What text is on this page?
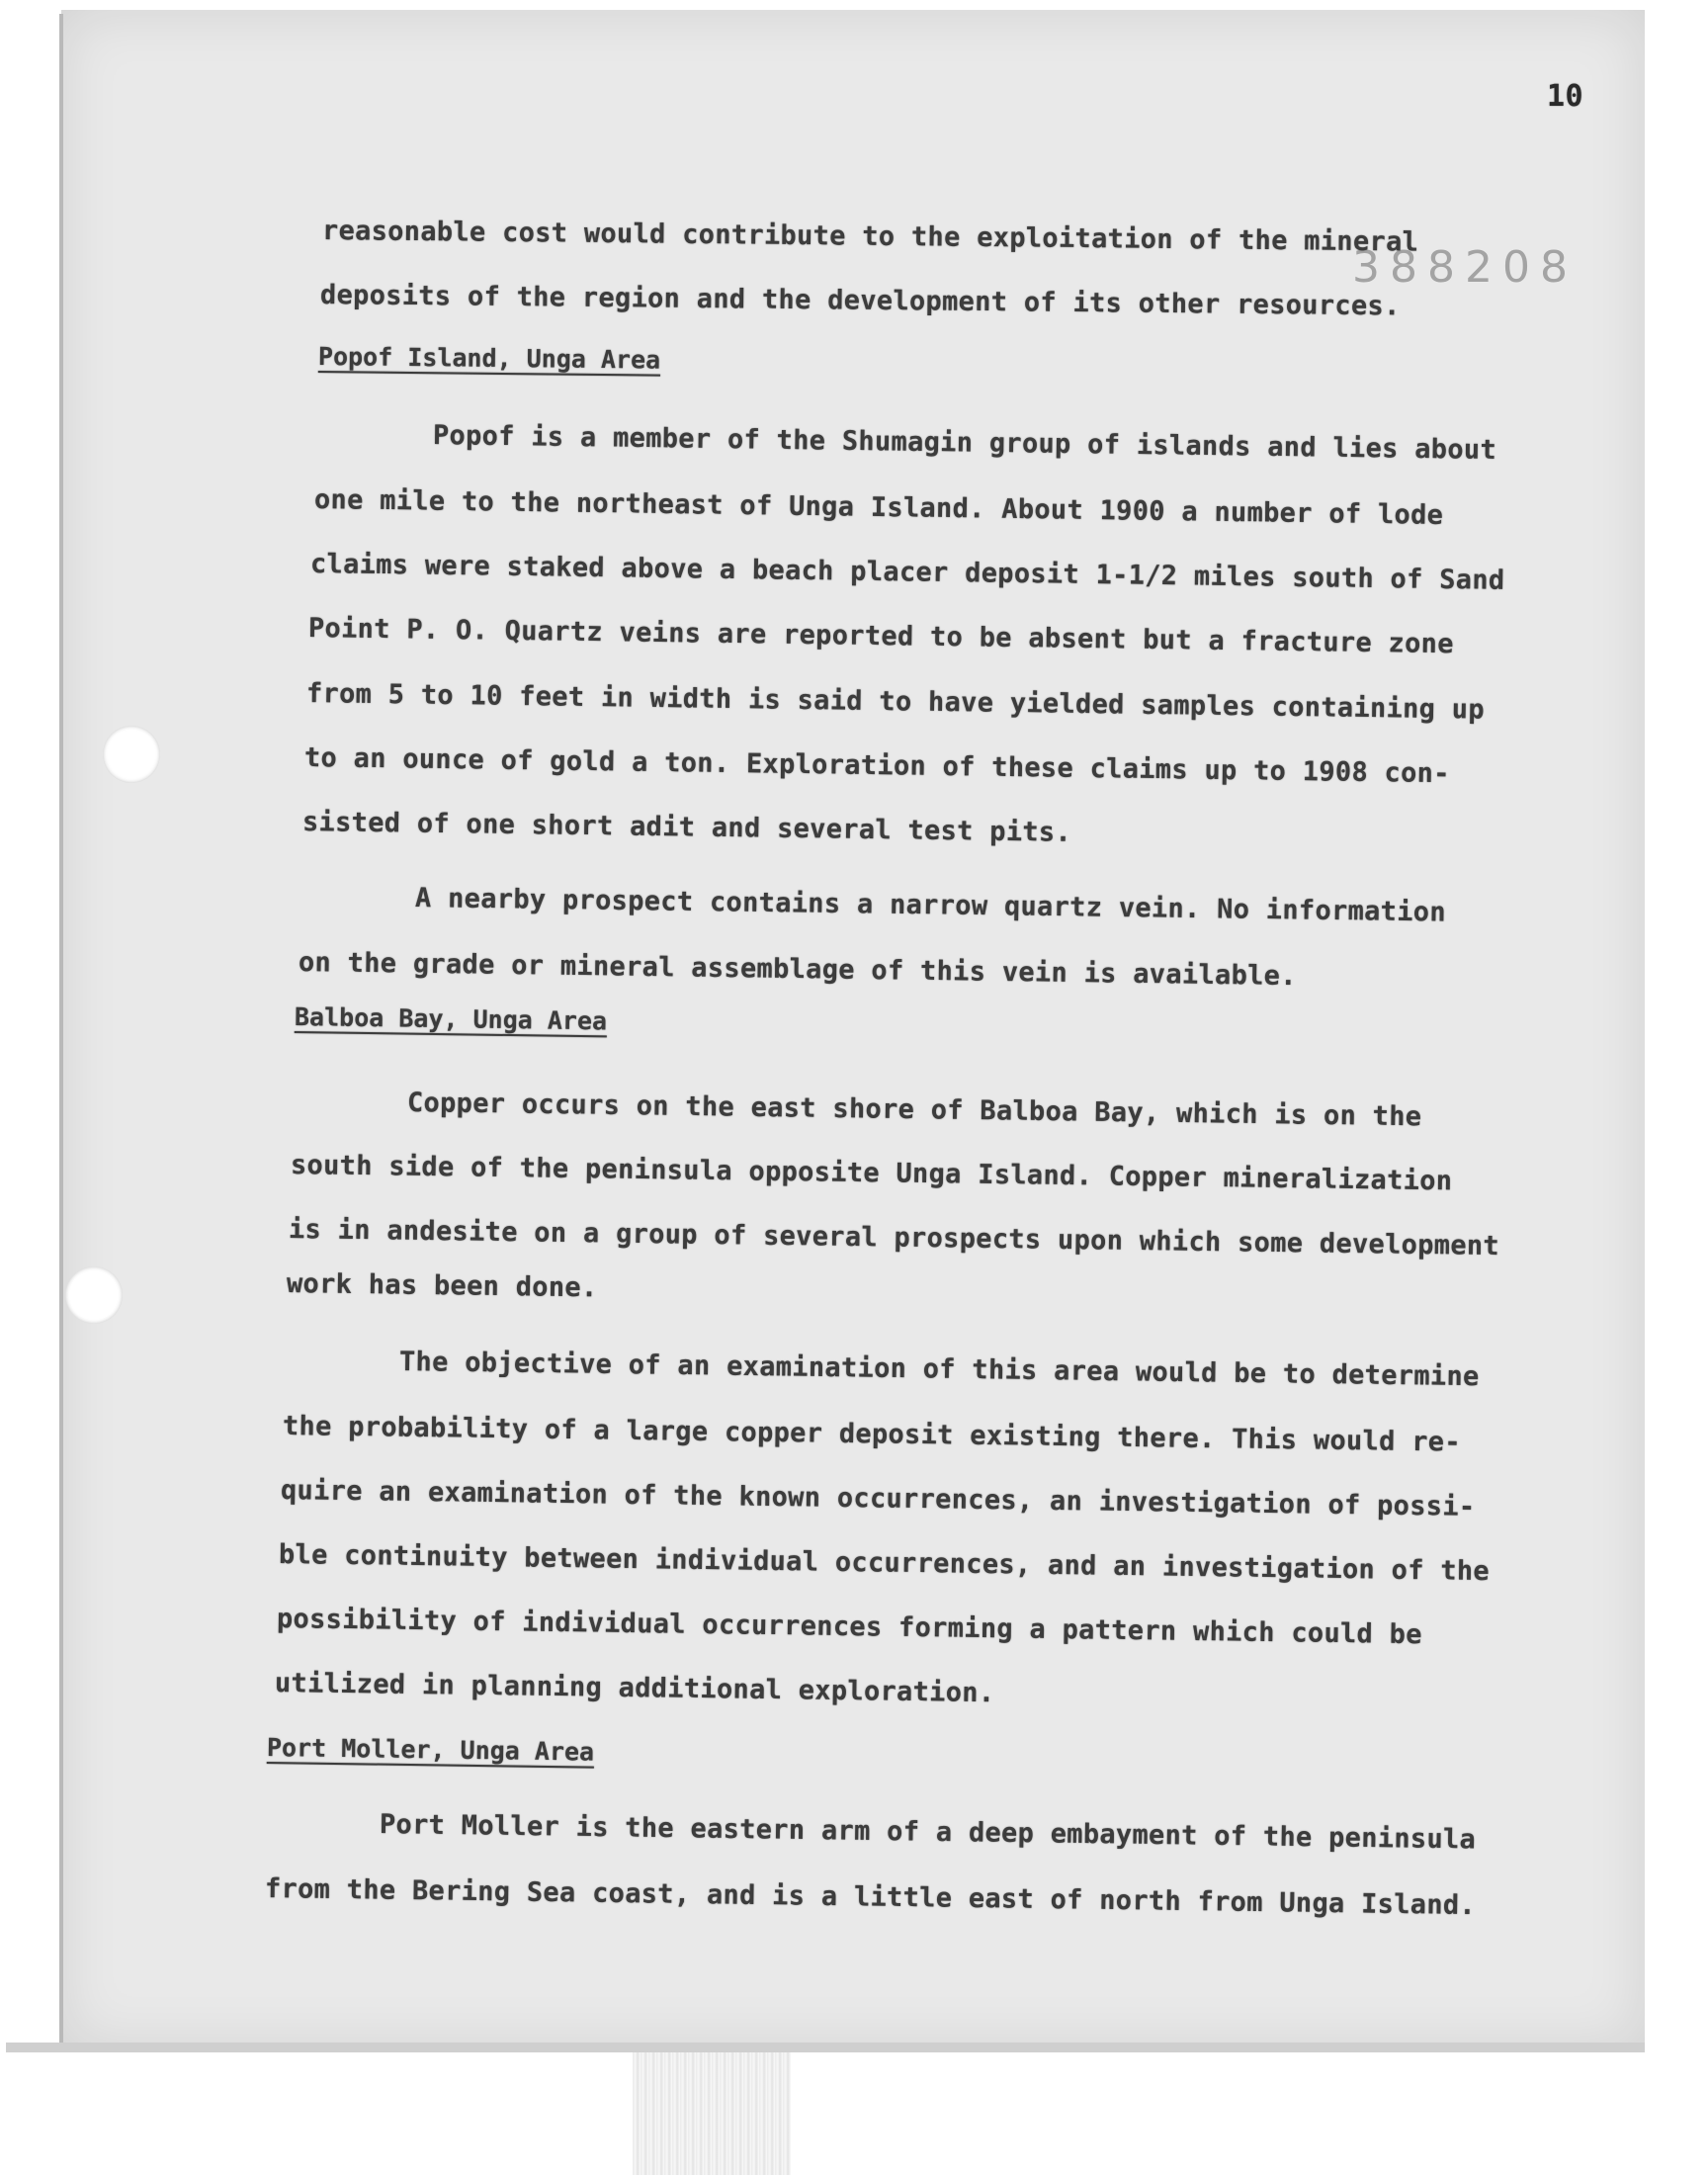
10
388208
reasonable cost would contribute to the exploitation of the mineral
deposits of the region and the development of its other resources.
Popof Island, Unga Area
Popof is a member of the Shumagin group of islands and lies about
one mile to the northeast of Unga Island. About 1900 a number of lode
claims were staked above a beach placer deposit 1-1/2 miles south of Sand
Point P. O. Quartz veins are reported to be absent but a fracture zone
from 5 to 10 feet in width is said to have yielded samples containing up
to an ounce of gold a ton. Exploration of these claims up to 1908 con-
sisted of one short adit and several test pits.
A nearby prospect contains a narrow quartz vein. No information
on the grade or mineral assemblage of this vein is available.
Balboa Bay, Unga Area
Copper occurs on the east shore of Balboa Bay, which is on the
south side of the peninsula opposite Unga Island. Copper mineralization
is in andesite on a group of several prospects upon which some development
work has been done.
The objective of an examination of this area would be to determine
the probability of a large copper deposit existing there. This would re-
quire an examination of the known occurrences, an investigation of possi-
ble continuity between individual occurrences, and an investigation of the
possibility of individual occurrences forming a pattern which could be
utilized in planning additional exploration.
Port Moller, Unga Area
Port Moller is the eastern arm of a deep embayment of the peninsula
from the Bering Sea coast, and is a little east of north from Unga Island.
